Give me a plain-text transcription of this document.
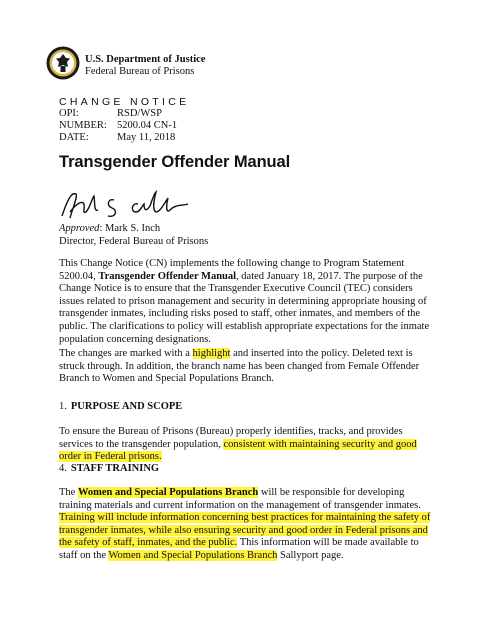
U.S. Department of Justice
Federal Bureau of Prisons
CHANGE NOTICE
OPI:	RSD/WSP
NUMBER: 5200.04 CN-1
DATE:	May 11, 2018
Transgender Offender Manual
Approved: Mark S. Inch
Director, Federal Bureau of Prisons
This Change Notice (CN) implements the following change to Program Statement 5200.04, Transgender Offender Manual, dated January 18, 2017. The purpose of the Change Notice is to ensure that the Transgender Executive Council (TEC) considers issues related to prison management and security in determining appropriate housing of transgender inmates, including risks posed to staff, other inmates, and members of the public. The clarifications to policy will establish appropriate expectations for the inmate population concerning designations.
The changes are marked with a highlight and inserted into the policy. Deleted text is struck through. In addition, the branch name has been changed from Female Offender Branch to Women and Special Populations Branch.
1. PURPOSE AND SCOPE
To ensure the Bureau of Prisons (Bureau) properly identifies, tracks, and provides services to the transgender population, consistent with maintaining security and good order in Federal prisons.
4. STAFF TRAINING
The Women and Special Populations Branch will be responsible for developing training materials and current information on the management of transgender inmates. Training will include information concerning best practices for maintaining the safety of transgender inmates, while also ensuring security and good order in Federal prisons and the safety of staff, inmates, and the public. This information will be made available to staff on the Women and Special Populations Branch Sallyport page.
